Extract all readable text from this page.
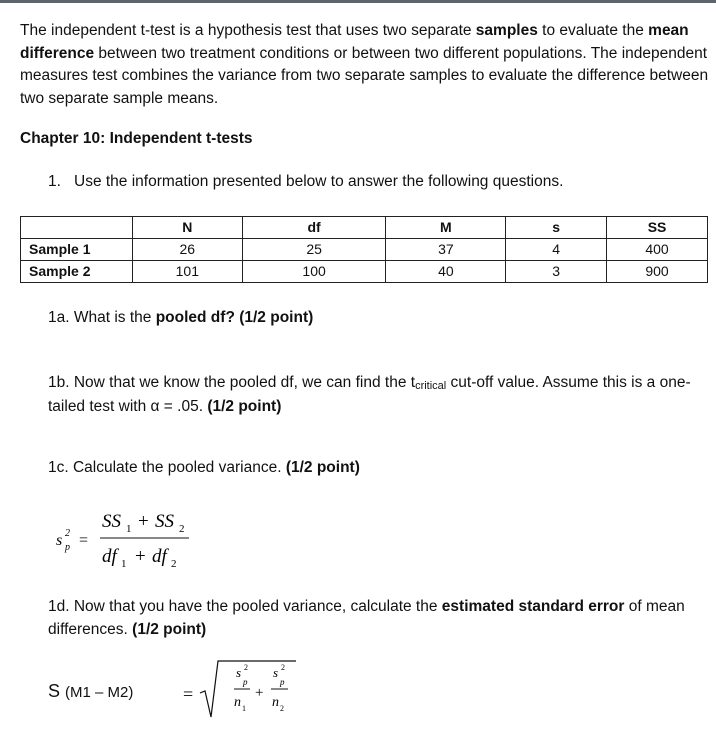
The independent t-test is a hypothesis test that uses two separate samples to evaluate the mean difference between two treatment conditions or between two different populations. The independent measures test combines the variance from two separate samples to evaluate the difference between two separate sample means.

Chapter 10: Independent t-tests
1. Use the information presented below to answer the following questions.
	N	df	M	s	SS
Sample 1	26	25	37	4	400
Sample 2	101	100	40	3	900
1a. What is the pooled df? (1/2 point)
1b. Now that we know the pooled df, we can find the tcritical cut-off value. Assume this is a one-tailed test with α = .05. (1/2 point)
1c. Calculate the pooled variance. (1/2 point)
s 2
p =
SS 1 + SS 2
df 1 + df 2
1d. Now that you have the pooled variance, calculate the estimated standard error of mean differences. (1/2 point)
S (M1 – M2)	=
s 2
p
n 1
+
s 2
p
n 2
